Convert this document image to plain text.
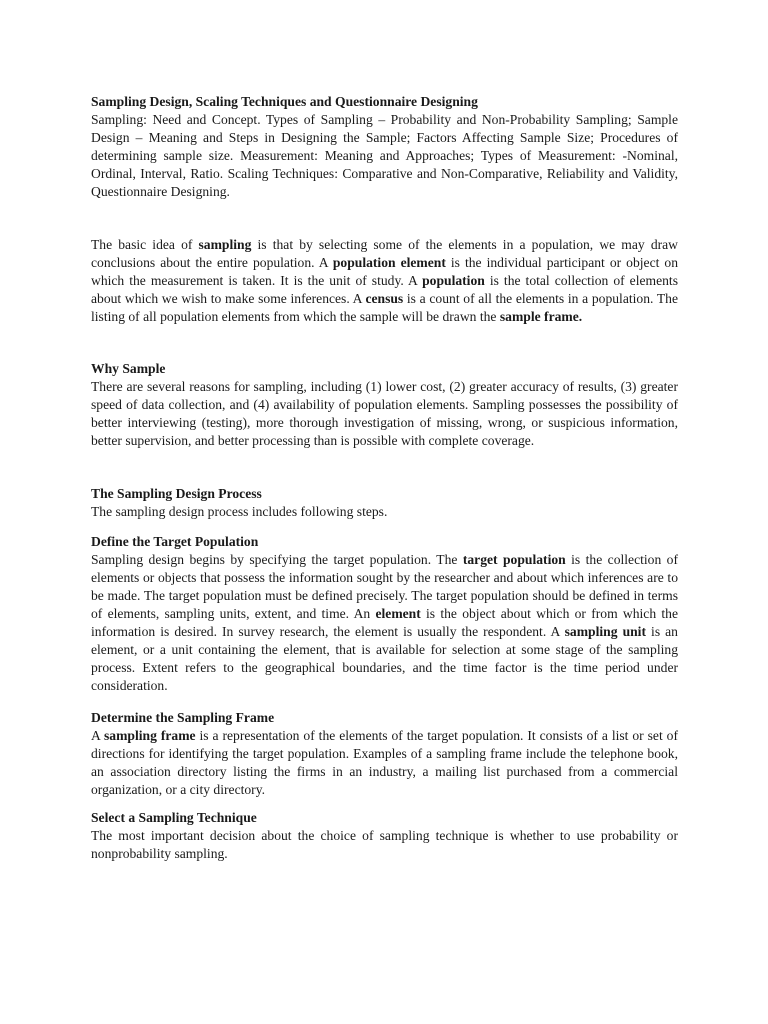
Sampling Design, Scaling Techniques and Questionnaire Designing

Sampling: Need and Concept. Types of Sampling – Probability and Non-Probability Sampling; Sample Design – Meaning and Steps in Designing the Sample; Factors Affecting Sample Size; Procedures of determining sample size. Measurement: Meaning and Approaches; Types of Measurement: -Nominal, Ordinal, Interval, Ratio. Scaling Techniques: Comparative and Non-Comparative, Reliability and Validity, Questionnaire Designing.

The basic idea of sampling is that by selecting some of the elements in a population, we may draw conclusions about the entire population. A population element is the individual participant or object on which the measurement is taken. It is the unit of study. A population is the total collection of elements about which we wish to make some inferences. A census is a count of all the elements in a population. The listing of all population elements from which the sample will be drawn the sample frame.

Why Sample

There are several reasons for sampling, including (1) lower cost, (2) greater accuracy of results, (3) greater speed of data collection, and (4) availability of population elements. Sampling possesses the possibility of better interviewing (testing), more thorough investigation of missing, wrong, or suspicious information, better supervision, and better processing than is possible with complete coverage.

The Sampling Design Process

The sampling design process includes following steps.

Define the Target Population

Sampling design begins by specifying the target population. The target population is the collection of elements or objects that possess the information sought by the researcher and about which inferences are to be made. The target population must be defined precisely. The target population should be defined in terms of elements, sampling units, extent, and time. An element is the object about which or from which the information is desired. In survey research, the element is usually the respondent. A sampling unit is an element, or a unit containing the element, that is available for selection at some stage of the sampling process. Extent refers to the geographical boundaries, and the time factor is the time period under consideration.

Determine the Sampling Frame

A sampling frame is a representation of the elements of the target population. It consists of a list or set of directions for identifying the target population. Examples of a sampling frame include the telephone book, an association directory listing the firms in an industry, a mailing list purchased from a commercial organization, or a city directory.

Select a Sampling Technique

The most important decision about the choice of sampling technique is whether to use probability or nonprobability sampling.
